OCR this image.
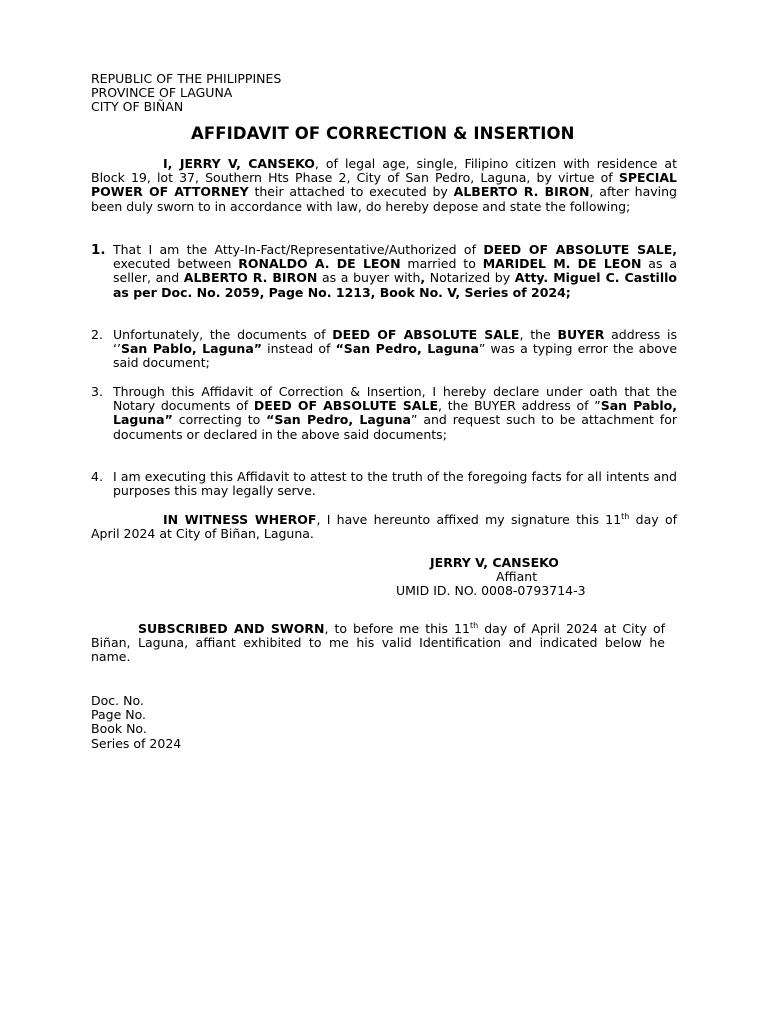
REPUBLIC OF THE PHILIPPINES
PROVINCE OF LAGUNA
CITY OF BIÑAN
AFFIDAVIT OF CORRECTION & INSERTION
I, JERRY V, CANSEKO, of legal age, single, Filipino citizen with residence at Block 19, lot 37, Southern Hts Phase 2, City of San Pedro, Laguna, by virtue of SPECIAL POWER OF ATTORNEY their attached to executed by ALBERTO R. BIRON, after having been duly sworn to in accordance with law, do hereby depose and state the following;
1. That I am the Atty-In-Fact/Representative/Authorized of DEED OF ABSOLUTE SALE, executed between RONALDO A. DE LEON married to MARIDEL M. DE LEON as a seller, and ALBERTO R. BIRON as a buyer with, Notarized by Atty. Miguel C. Castillo as per Doc. No. 2059, Page No. 1213, Book No. V, Series of 2024;
2. Unfortunately, the documents of DEED OF ABSOLUTE SALE, the BUYER address is ‘’San Pablo, Laguna” instead of “San Pedro, Laguna” was a typing error the above said document;
3. Through this Affidavit of Correction & Insertion, I hereby declare under oath that the Notary documents of DEED OF ABSOLUTE SALE, the BUYER address of ”San Pablo, Laguna” correcting to “San Pedro, Laguna” and request such to be attachment for documents or declared in the above said documents;
4. I am executing this Affidavit to attest to the truth of the foregoing facts for all intents and purposes this may legally serve.
IN WITNESS WHEROF, I have hereunto affixed my signature this 11th day of April 2024 at City of Biñan, Laguna.
JERRY V, CANSEKO
Affiant
UMID ID. NO. 0008-0793714-3
SUBSCRIBED AND SWORN, to before me this 11th day of April 2024 at City of Biñan, Laguna, affiant exhibited to me his valid Identification and indicated below he name.
Doc. No.
Page No.
Book No.
Series of 2024
